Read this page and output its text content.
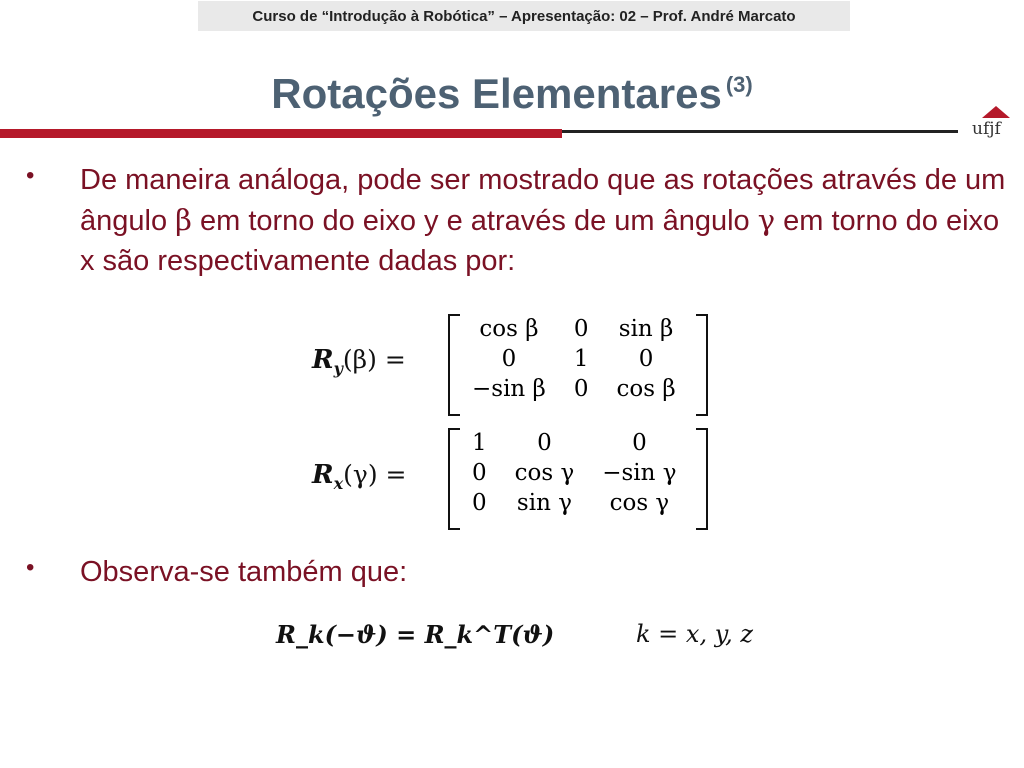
Curso de “Introdução à Robótica” – Apresentação: 02 – Prof. André Marcato
Rotações Elementares $^{(3)}$
ufjf
• De maneira análoga, pode ser mostrado que as rotações através de um ângulo β em torno do eixo y e através de um ângulo γ em torno do eixo x são respectivamente dadas por:
$R_y(\beta)$ =
cos β	0	sin β
0	1	0
−sin β	0	cos β
$R_x(\gamma)$ =
1	0	0
0	cos γ	−sin γ
0	sin γ	cos γ
• Observa-se também que:
R_k(−ϑ) = R_k^T(ϑ)	k = x, y, z
